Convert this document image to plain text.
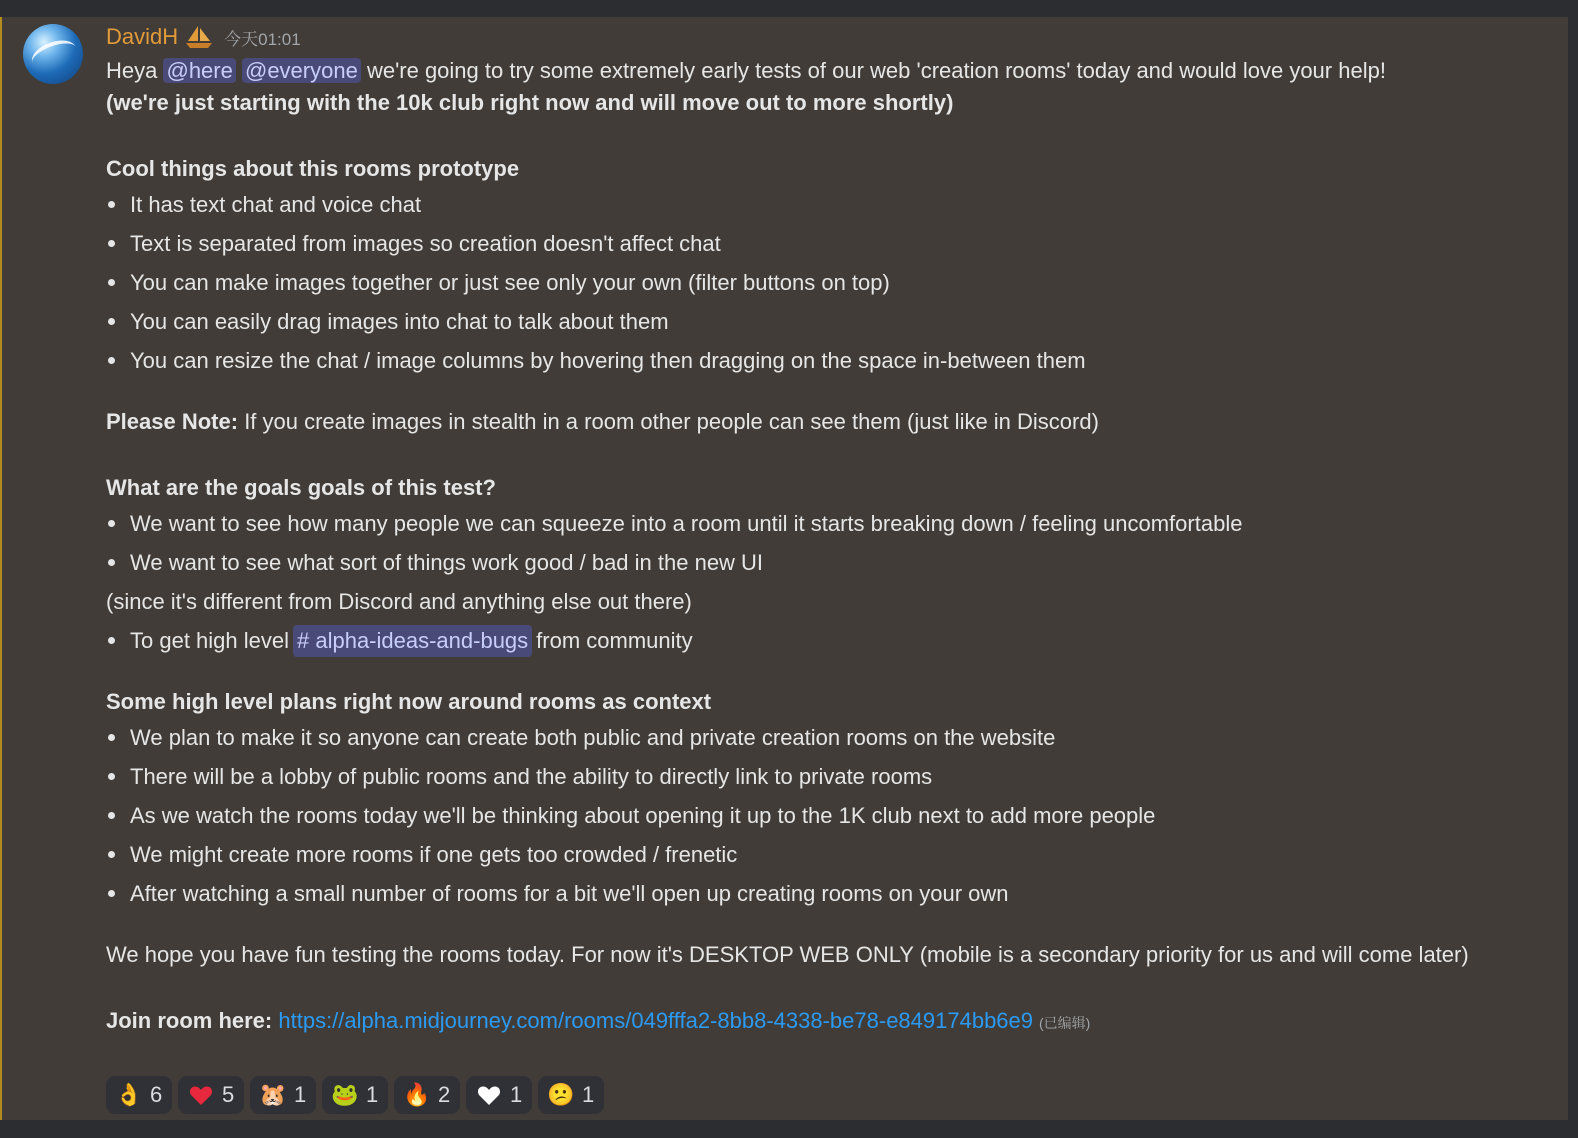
DavidH	今天01:01
Heya @here @everyone we're going to try some extremely early tests of our web 'creation rooms' today and would love your help!
(we're just starting with the 10k club right now and will move out to more shortly)
Cool things about this rooms prototype
It has text chat and voice chat
Text is separated from images so creation doesn't affect chat
You can make images together or just see only your own (filter buttons on top)
You can easily drag images into chat to talk about them
You can resize the chat / image columns by hovering then dragging on the space in-between them
Please Note: If you create images in stealth in a room other people can see them (just like in Discord)
What are the goals goals of this test?
We want to see how many people we can squeeze into a room until it starts breaking down / feeling uncomfortable
We want to see what sort of things work good / bad in the new UI
(since it's different from Discord and anything else out there)
To get high level # alpha-ideas-and-bugs from community
Some high level plans right now around rooms as context
We plan to make it so anyone can create both public and private creation rooms on the website
There will be a lobby of public rooms and the ability to directly link to private rooms
As we watch the rooms today we'll be thinking about opening it up to the 1K club next to add more people
We might create more rooms if one gets too crowded / frenetic
After watching a small number of rooms for a bit we'll open up creating rooms on your own
We hope you have fun testing the rooms today. For now it's DESKTOP WEB ONLY (mobile is a secondary priority for us and will come later)
Join room here: https://alpha.midjourney.com/rooms/049fffa2-8bb8-4338-be78-e849174bb6e9 (已编辑)
👌 6	5 🐹 1 🐸 1 🔥 2	1 😕 1
